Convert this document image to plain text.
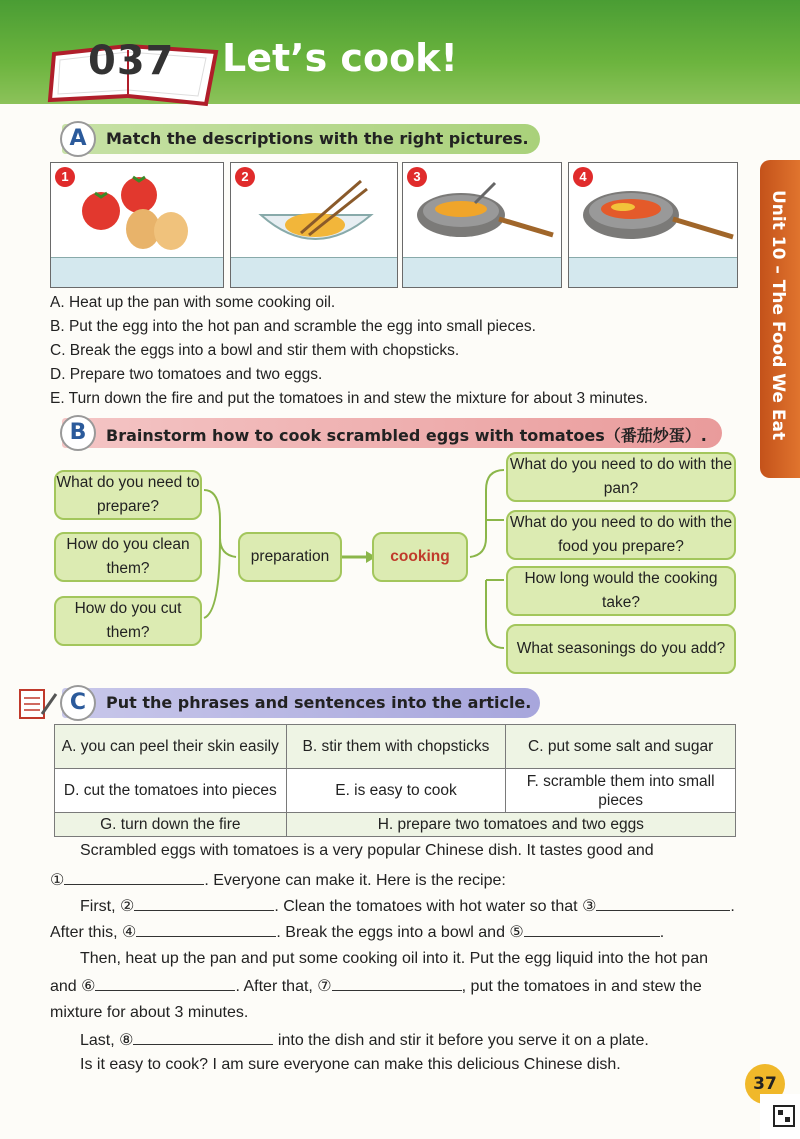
037 Let’s cook!
Unit 10 – The Food We Eat
A	Match the descriptions with the right pictures.
1	2	3	4
A. Heat up the pan with some cooking oil.
B. Put the egg into the hot pan and scramble the egg into small pieces.
C. Break the eggs into a bowl and stir them with chopsticks.
D. Prepare two tomatoes and two eggs.
E. Turn down the fire and put the tomatoes in and stew the mixture for about 3 minutes.
B	Brainstorm how to cook scrambled eggs with tomatoes（番茄炒蛋）.
What do you need to prepare?
How do you clean them?
How do you cut them?
preparation	cooking
What do you need to do with the pan?
What do you need to do with the food you prepare?
How long would the cooking take?
What seasonings do you add?
C	Put the phrases and sentences into the article.
A. you can peel their skin easily	B. stir them with chopsticks	C. put some salt and sugar
D. cut the tomatoes into pieces	E. is easy to cook	F. scramble them into small pieces
G. turn down the fire	H. prepare two tomatoes and two eggs	
Scrambled eggs with tomatoes is a very popular Chinese dish. It tastes good and
①	. Everyone can make it. Here is the recipe:
First, ②	. Clean the tomatoes with hot water so that ③	.
After this, ④	. Break the eggs into a bowl and ⑤	.
Then, heat up the pan and put some cooking oil into it. Put the egg liquid into the hot pan
and ⑥	. After that, ⑦	, put the tomatoes in and stew the
mixture for about 3 minutes.
Last, ⑧	into the dish and stir it before you serve it on a plate.
Is it easy to cook? I am sure everyone can make this delicious Chinese dish.
37
